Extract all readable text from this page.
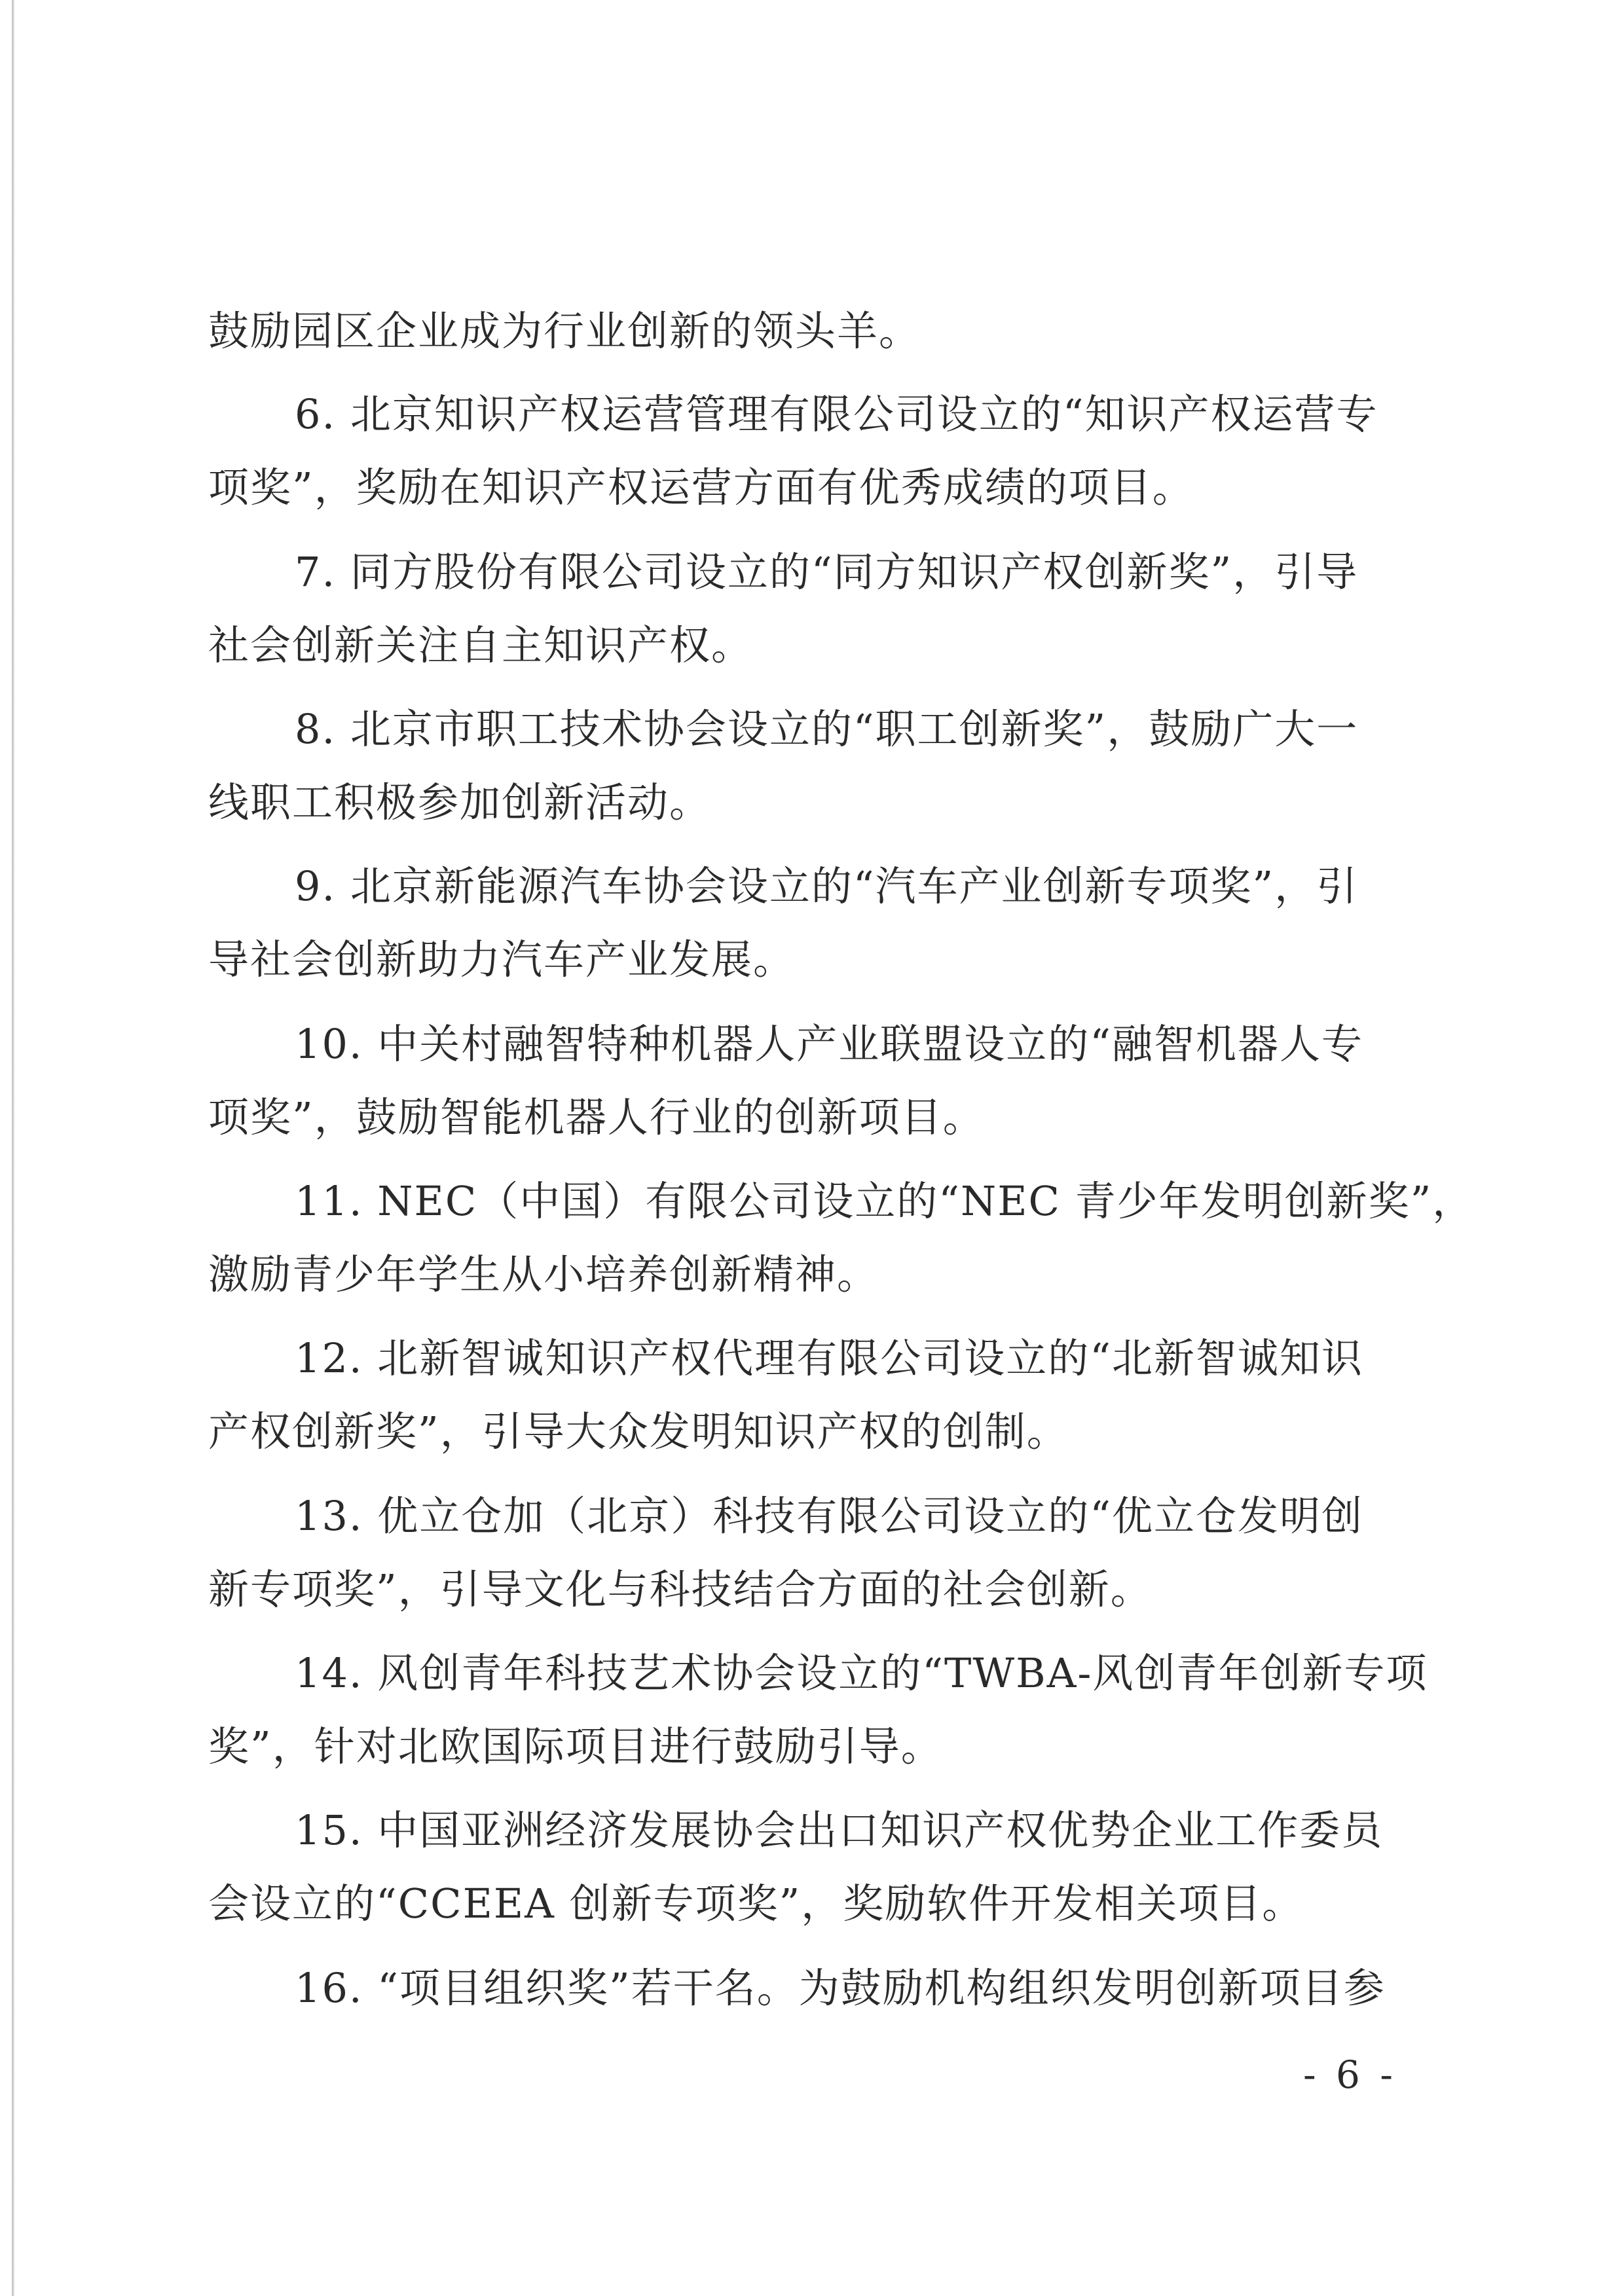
鼓励园区企业成为行业创新的领头羊。
6. 北京知识产权运营管理有限公司设立的“知识产权运营专
项奖”，奖励在知识产权运营方面有优秀成绩的项目。
7. 同方股份有限公司设立的“同方知识产权创新奖”，引导
社会创新关注自主知识产权。
8. 北京市职工技术协会设立的“职工创新奖”，鼓励广大一
线职工积极参加创新活动。
9. 北京新能源汽车协会设立的“汽车产业创新专项奖”，引
导社会创新助力汽车产业发展。
10. 中关村融智特种机器人产业联盟设立的“融智机器人专
项奖”，鼓励智能机器人行业的创新项目。
11. NEC（中国）有限公司设立的“NEC 青少年发明创新奖”，
激励青少年学生从小培养创新精神。
12. 北新智诚知识产权代理有限公司设立的“北新智诚知识
产权创新奖”，引导大众发明知识产权的创制。
13. 优立仓加（北京）科技有限公司设立的“优立仓发明创
新专项奖”，引导文化与科技结合方面的社会创新。
14. 风创青年科技艺术协会设立的“TWBA-风创青年创新专项
奖”，针对北欧国际项目进行鼓励引导。
15. 中国亚洲经济发展协会出口知识产权优势企业工作委员
会设立的“CCEEA 创新专项奖”，奖励软件开发相关项目。
16. “项目组织奖”若干名。为鼓励机构组织发明创新项目参
- 6 -
